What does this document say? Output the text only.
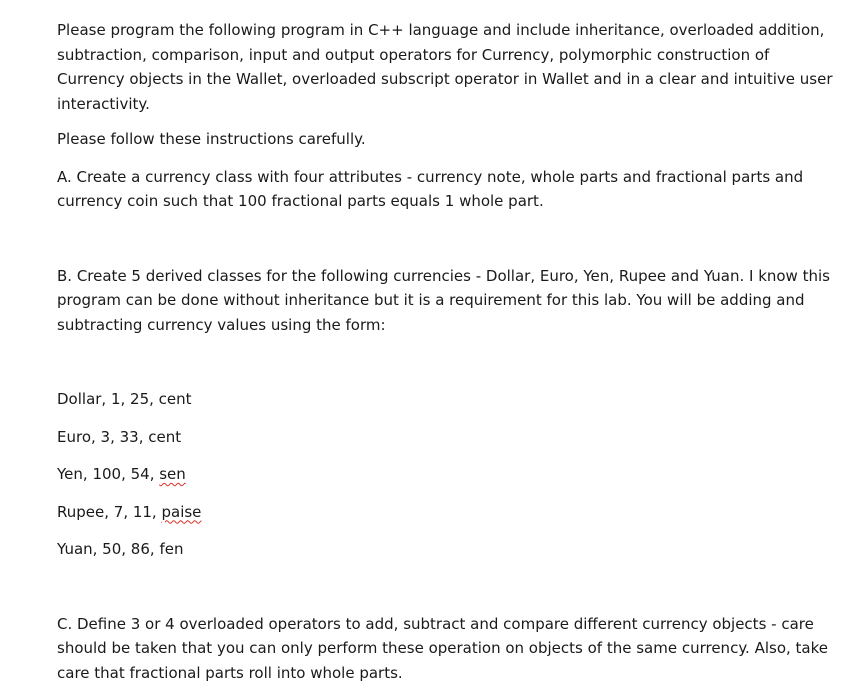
Please program the following program in C++ language and include inheritance, overloaded addition, subtraction, comparison, input and output operators for Currency, polymorphic construction of Currency objects in the Wallet, overloaded subscript operator in Wallet and in a clear and intuitive user interactivity.

Please follow these instructions carefully.

A. Create a currency class with four attributes - currency note, whole parts and fractional parts and currency coin such that 100 fractional parts equals 1 whole part.

B. Create 5 derived classes for the following currencies - Dollar, Euro, Yen, Rupee and Yuan. I know this program can be done without inheritance but it is a requirement for this lab. You will be adding and subtracting currency values using the form:

Dollar, 1, 25, cent

Euro, 3, 33, cent

Yen, 100, 54, sen

Rupee, 7, 11, paise

Yuan, 50, 86, fen

C. Define 3 or 4 overloaded operators to add, subtract and compare different currency objects - care should be taken that you can only perform these operation on objects of the same currency. Also, take care that fractional parts roll into whole parts.
